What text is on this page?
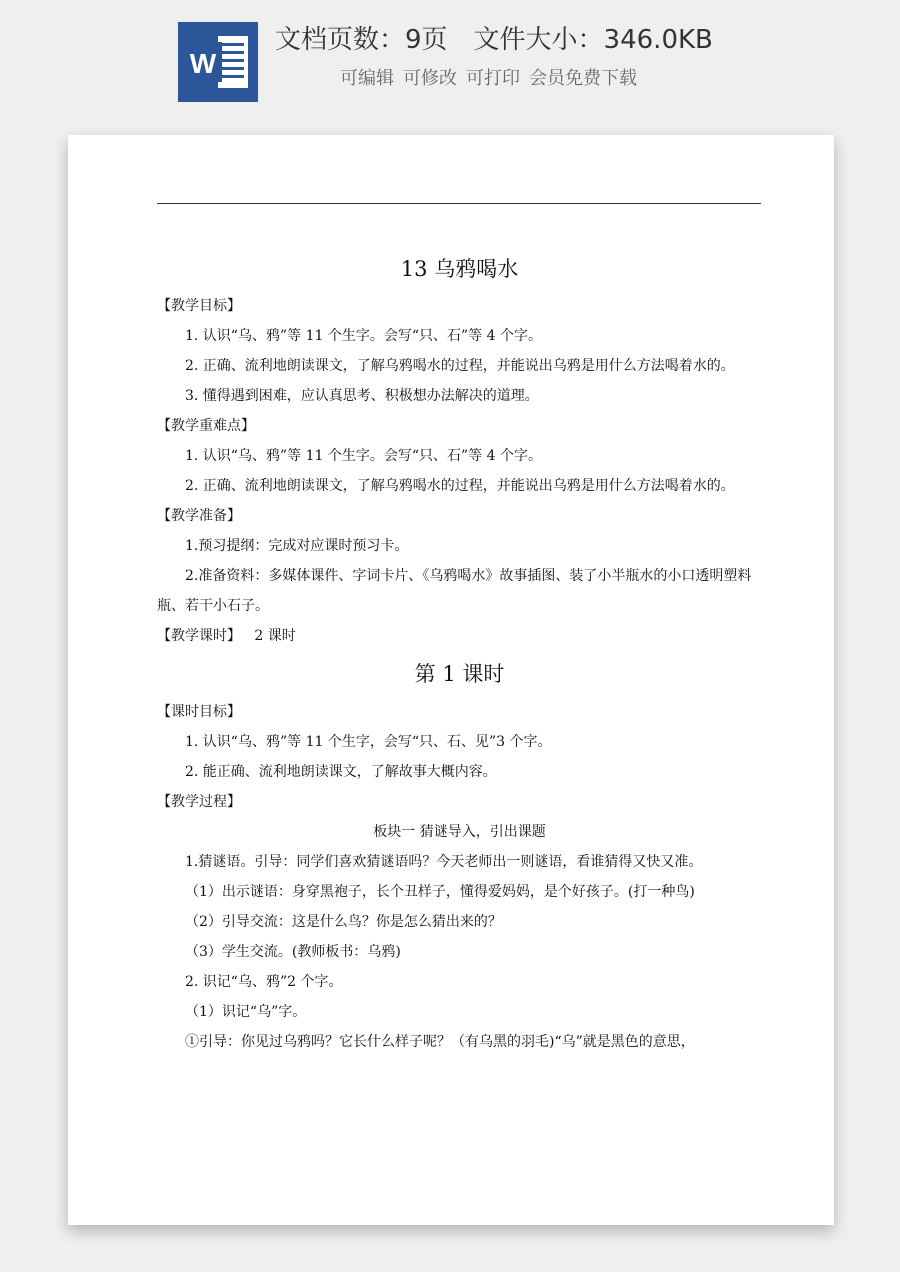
W
文档页数：9页 文件大小：346.0KB
可编辑 可修改 可打印 会员免费下载
13 乌鸦喝水
【教学目标】
1. 认识“乌、鸦”等 11 个生字。会写“只、石”等 4 个字。
2. 正确、流利地朗读课文，了解乌鸦喝水的过程，并能说出乌鸦是用什么方法喝着水的。
3. 懂得遇到困难，应认真思考、积极想办法解决的道理。
【教学重难点】
1. 认识“乌、鸦”等 11 个生字。会写“只、石”等 4 个字。
2. 正确、流利地朗读课文，了解乌鸦喝水的过程，并能说出乌鸦是用什么方法喝着水的。
【教学准备】
1.预习提纲：完成对应课时预习卡。
2.准备资料：多媒体课件、字词卡片、《乌鸦喝水》故事插图、装了小半瓶水的小口透明塑料瓶、若干小石子。
【教学课时】 2 课时
第 1 课时
【课时目标】
1. 认识“乌、鸦”等 11 个生字，会写“只、石、见”3 个字。
2. 能正确、流利地朗读课文，了解故事大概内容。
【教学过程】
板块一 猜谜导入，引出课题
1.猜谜语。引导：同学们喜欢猜谜语吗？今天老师出一则谜语，看谁猜得又快又准。
（1）出示谜语：身穿黑袍子，长个丑样子，懂得爱妈妈，是个好孩子。(打一种鸟)
（2）引导交流：这是什么鸟？你是怎么猜出来的？
（3）学生交流。(教师板书：乌鸦)
2. 识记“乌、鸦”2 个字。
（1）识记“乌”字。
①引导：你见过乌鸦吗？它长什么样子呢？（有乌黑的羽毛)“乌”就是黑色的意思，
